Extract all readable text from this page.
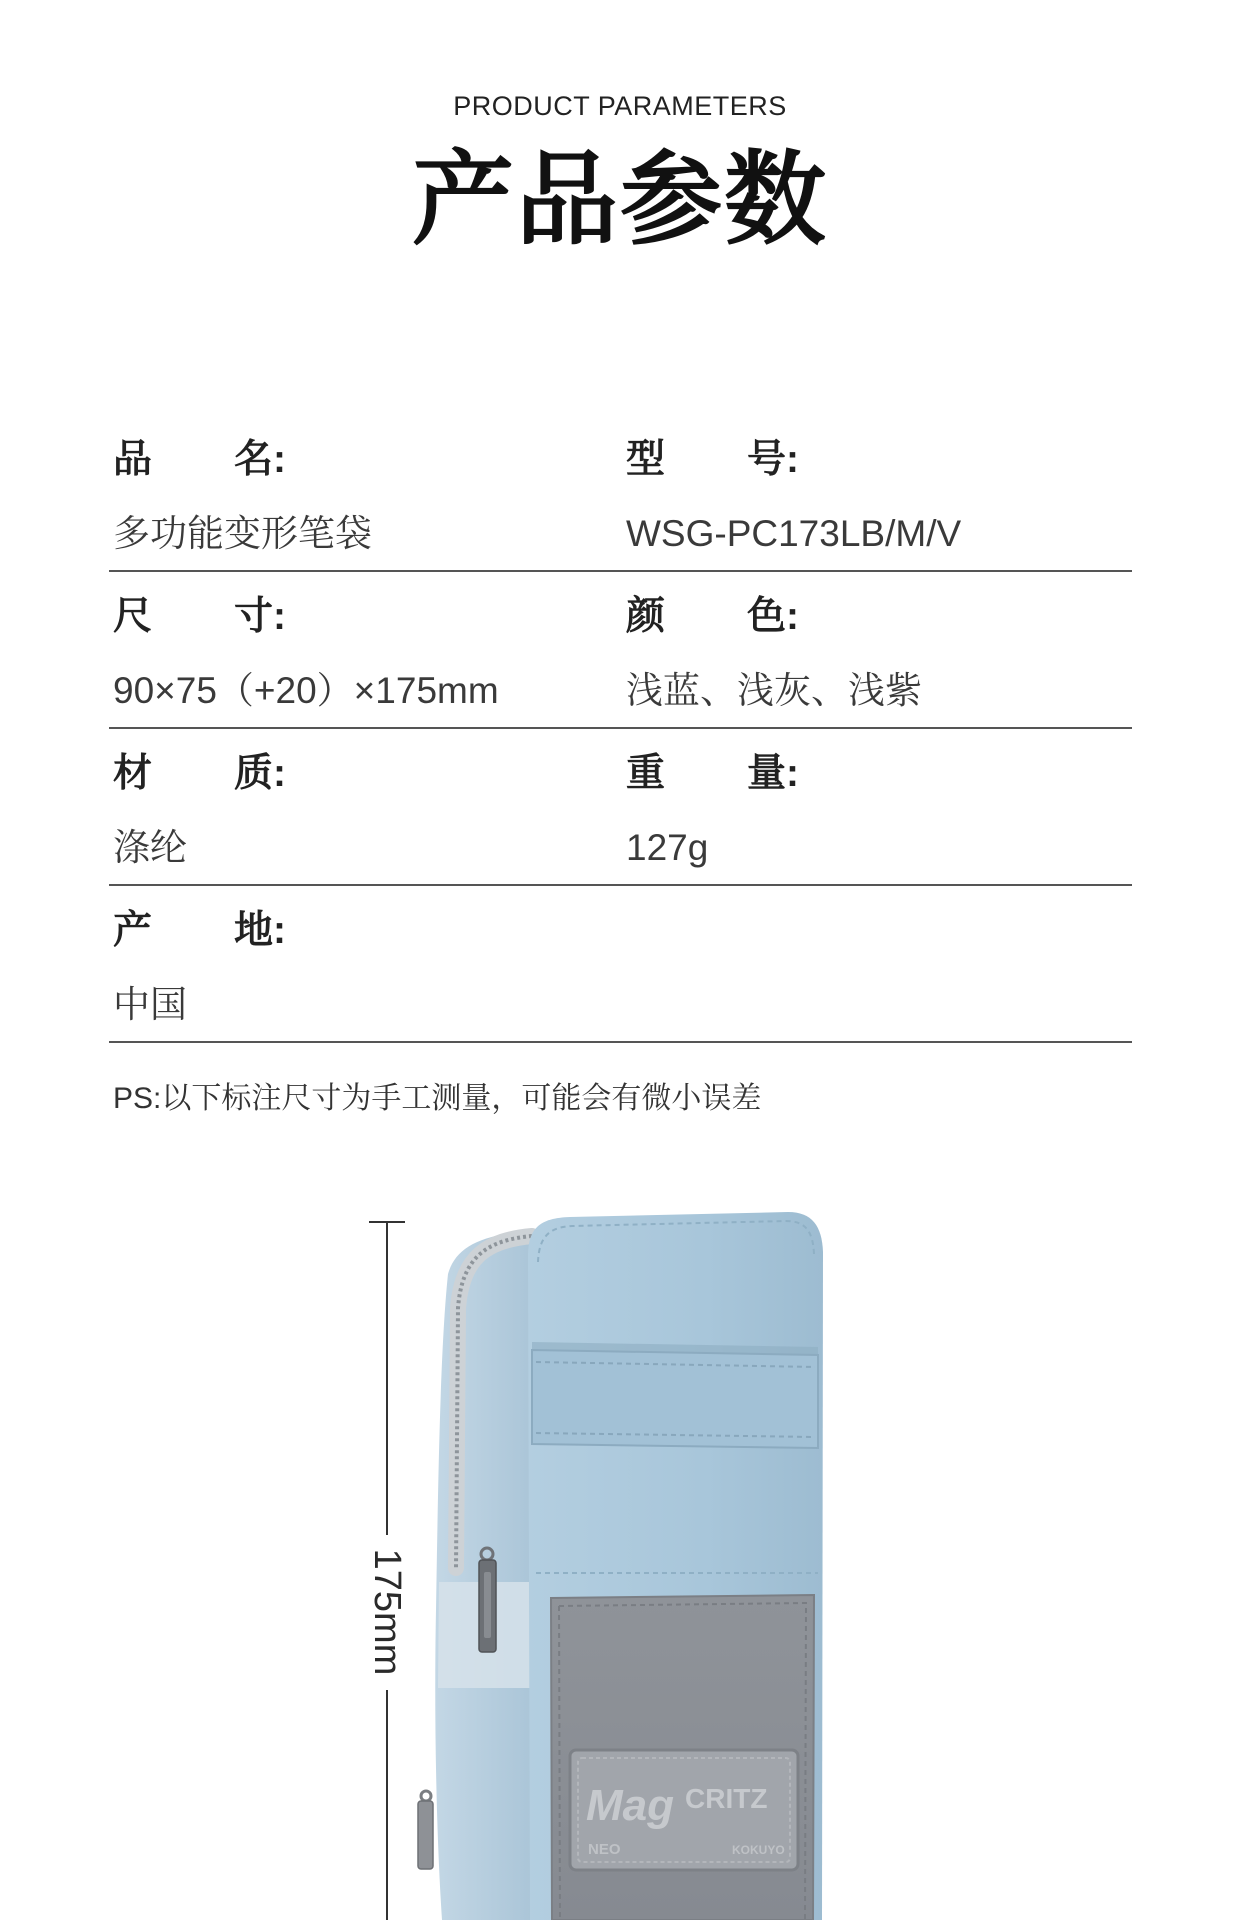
PRODUCT PARAMETERS
产品参数
品 名:
多功能变形笔袋
型 号:
WSG-PC173LB/M/V
尺 寸:
90×75（+20）×175mm
颜 色:
浅蓝、浅灰、浅紫
材 质:
涤纶
重 量:
127g
产 地:
中国
PS:以下标注尺寸为手工测量，可能会有微小误差
175mm
Mag CRITZ
NEO	KOKUYO
